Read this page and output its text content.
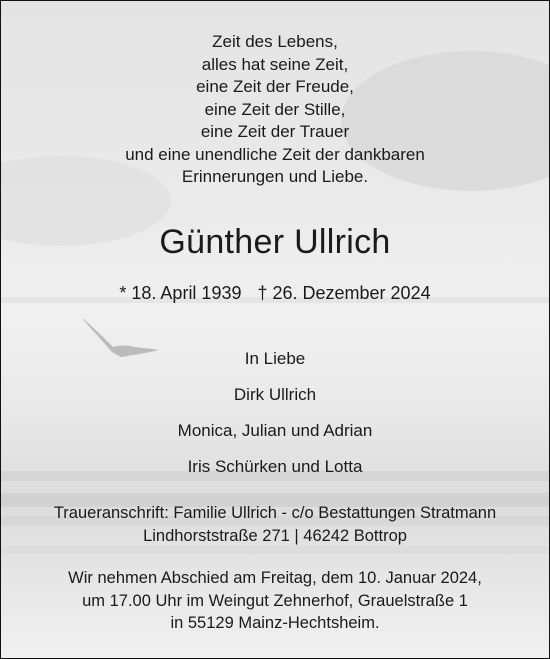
Zeit des Lebens,
alles hat seine Zeit,
eine Zeit der Freude,
eine Zeit der Stille,
eine Zeit der Trauer
und eine unendliche Zeit der dankbaren
Erinnerungen und Liebe.
Günther Ullrich
* 18. April 1939 † 26. Dezember 2024
In Liebe
Dirk Ullrich
Monica, Julian und Adrian
Iris Schürken und Lotta
Traueranschrift: Familie Ullrich - c/o Bestattungen Stratmann
Lindhorststraße 271 | 46242 Bottrop
Wir nehmen Abschied am Freitag, dem 10. Januar 2024,
um 17.00 Uhr im Weingut Zehnerhof, Grauelstraße 1
in 55129 Mainz-Hechtsheim.
